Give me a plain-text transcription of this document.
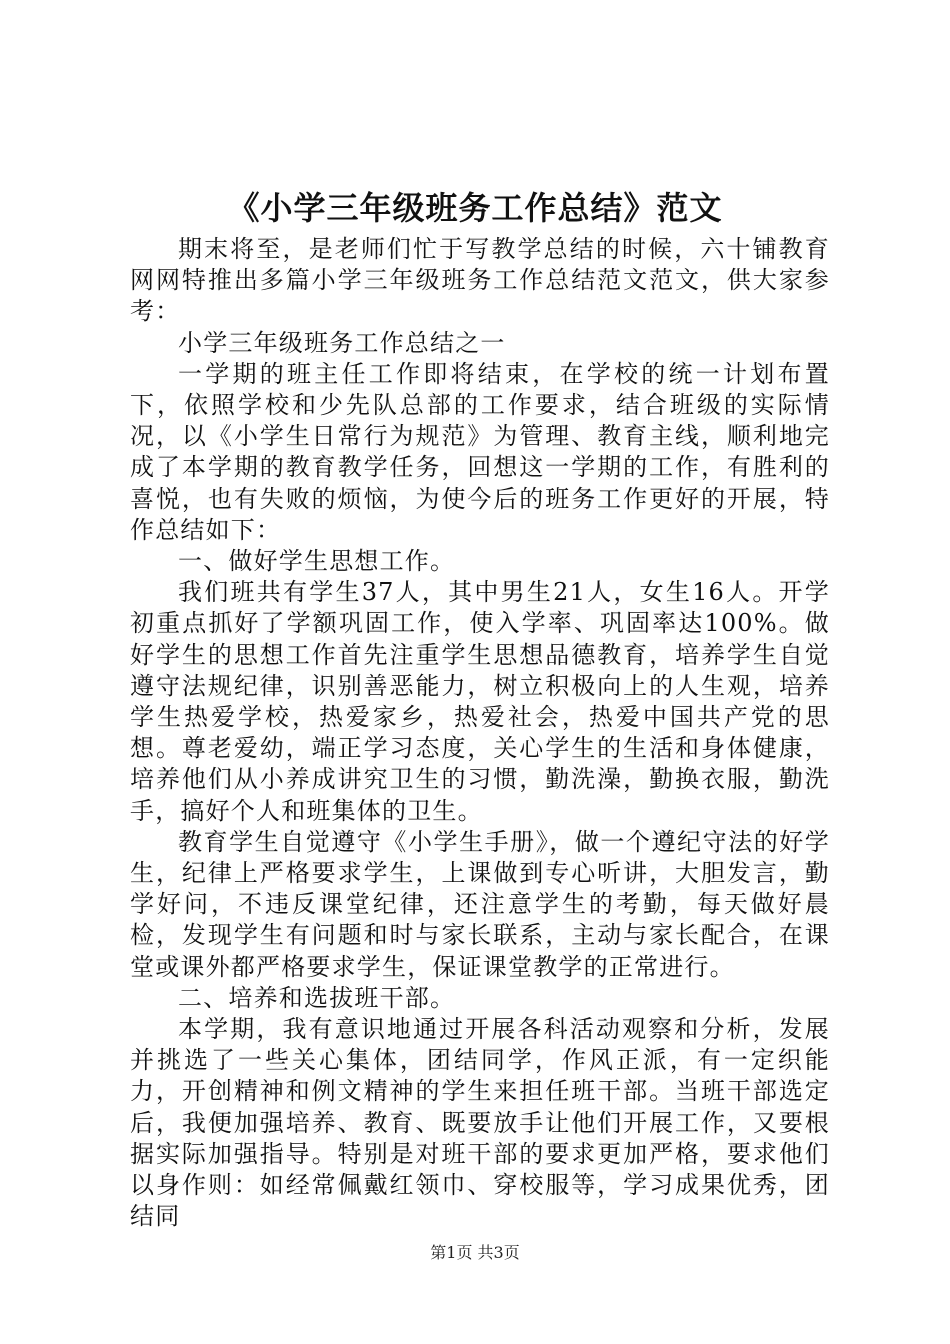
《小学三年级班务工作总结》范文

期末将至，是老师们忙于写教学总结的时候，六十铺教育网网特推出多篇小学三年级班务工作总结范文范文，供大家参考：

小学三年级班务工作总结之一

一学期的班主任工作即将结束，在学校的统一计划布置下，依照学校和少先队总部的工作要求，结合班级的实际情况，以《小学生日常行为规范》为管理、教育主线，顺利地完成了本学期的教育教学任务，回想这一学期的工作，有胜利的喜悦，也有失败的烦恼，为使今后的班务工作更好的开展，特作总结如下：

一、做好学生思想工作。

我们班共有学生37人，其中男生21人，女生16人。开学初重点抓好了学额巩固工作，使入学率、巩固率达100%。做好学生的思想工作首先注重学生思想品德教育，培养学生自觉遵守法规纪律，识别善恶能力，树立积极向上的人生观，培养学生热爱学校，热爱家乡，热爱社会，热爱中国共产党的思想。尊老爱幼，端正学习态度，关心学生的生活和身体健康，培养他们从小养成讲究卫生的习惯，勤洗澡，勤换衣服，勤洗手，搞好个人和班集体的卫生。

教育学生自觉遵守《小学生手册》，做一个遵纪守法的好学生，纪律上严格要求学生，上课做到专心听讲，大胆发言，勤学好问，不违反课堂纪律，还注意学生的考勤，每天做好晨检，发现学生有问题和时与家长联系，主动与家长配合，在课堂或课外都严格要求学生，保证课堂教学的正常进行。

二、培养和选拔班干部。

本学期，我有意识地通过开展各科活动观察和分析，发展并挑选了一些关心集体，团结同学，作风正派，有一定织能力，开创精神和例文精神的学生来担任班干部。当班干部选定后，我便加强培养、教育、既要放手让他们开展工作，又要根据实际加强指导。特别是对班干部的要求更加严格，要求他们以身作则：如经常佩戴红领巾、穿校服等，学习成果优秀，团结同

第1页 共3页
